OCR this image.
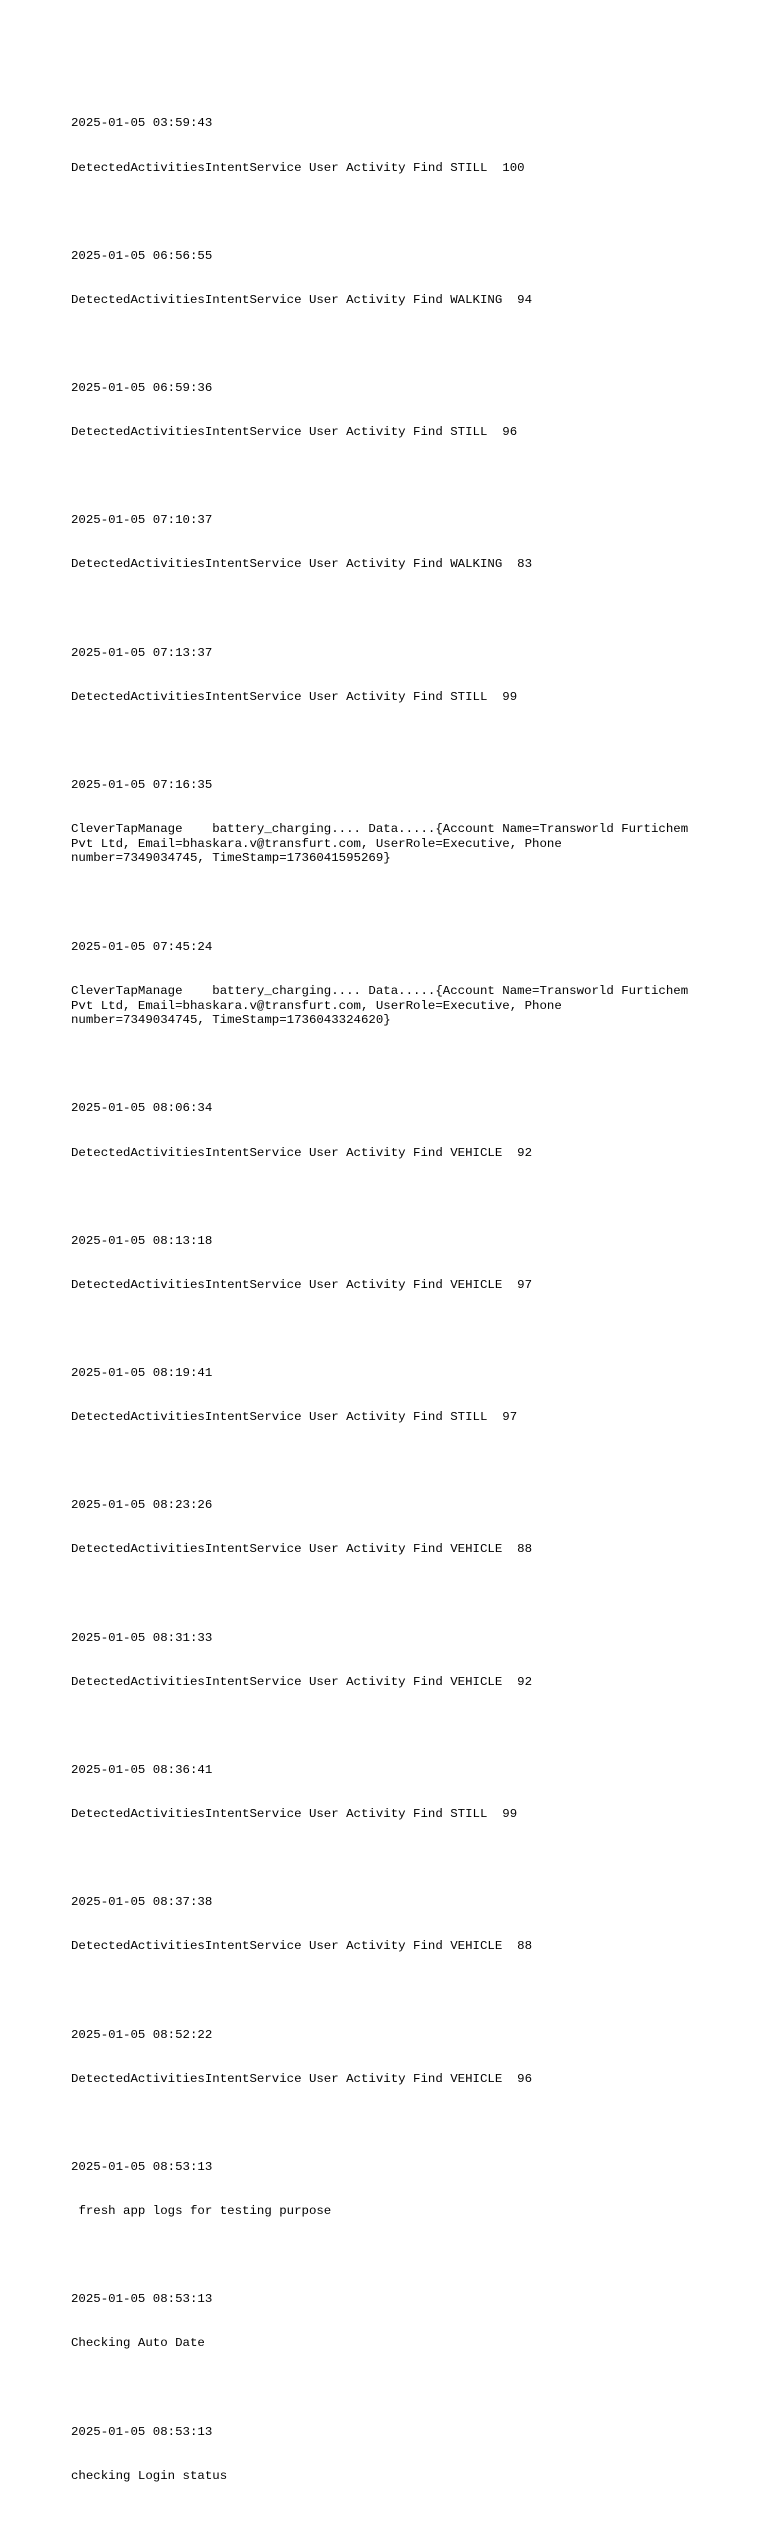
2025-01-05 03:59:43

DetectedActivitiesIntentService User Activity Find STILL  100

2025-01-05 06:56:55

DetectedActivitiesIntentService User Activity Find WALKING  94

2025-01-05 06:59:36

DetectedActivitiesIntentService User Activity Find STILL  96

2025-01-05 07:10:37

DetectedActivitiesIntentService User Activity Find WALKING  83

2025-01-05 07:13:37

DetectedActivitiesIntentService User Activity Find STILL  99

2025-01-05 07:16:35

CleverTapManage    battery_charging.... Data.....{Account Name=Transworld Furtichem
Pvt Ltd, Email=bhaskara.v@transfurt.com, UserRole=Executive, Phone
number=7349034745, TimeStamp=1736041595269}

2025-01-05 07:45:24

CleverTapManage    battery_charging.... Data.....{Account Name=Transworld Furtichem
Pvt Ltd, Email=bhaskara.v@transfurt.com, UserRole=Executive, Phone
number=7349034745, TimeStamp=1736043324620}

2025-01-05 08:06:34

DetectedActivitiesIntentService User Activity Find VEHICLE  92

2025-01-05 08:13:18

DetectedActivitiesIntentService User Activity Find VEHICLE  97

2025-01-05 08:19:41

DetectedActivitiesIntentService User Activity Find STILL  97

2025-01-05 08:23:26

DetectedActivitiesIntentService User Activity Find VEHICLE  88

2025-01-05 08:31:33

DetectedActivitiesIntentService User Activity Find VEHICLE  92

2025-01-05 08:36:41

DetectedActivitiesIntentService User Activity Find STILL  99

2025-01-05 08:37:38

DetectedActivitiesIntentService User Activity Find VEHICLE  88

2025-01-05 08:52:22

DetectedActivitiesIntentService User Activity Find VEHICLE  96

2025-01-05 08:53:13

fresh app logs for testing purpose

2025-01-05 08:53:13

Checking Auto Date

2025-01-05 08:53:13

checking Login status
